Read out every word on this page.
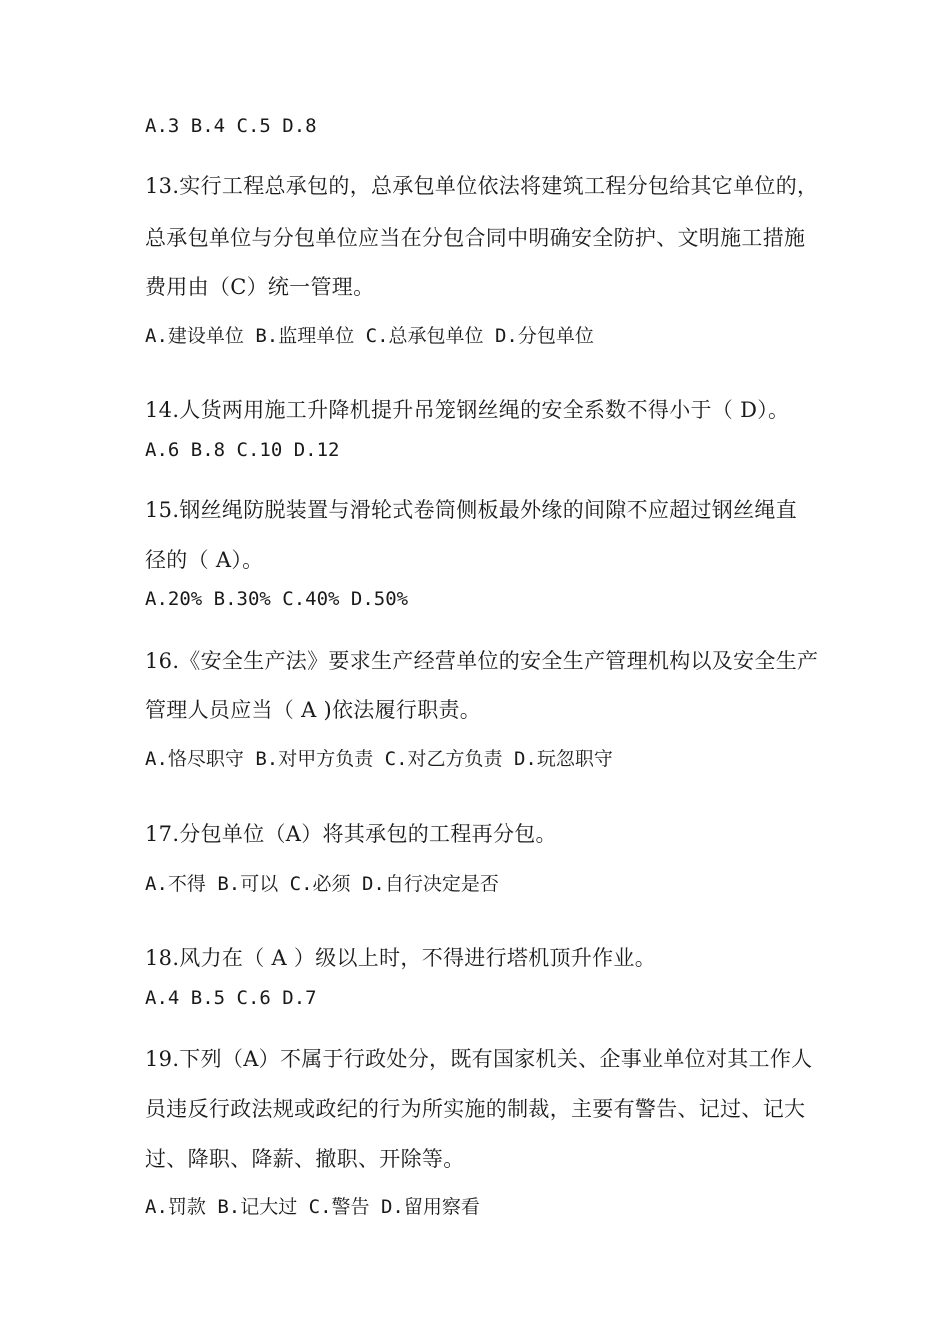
A.3 B.4 C.5 D.8
13.实行工程总承包的，总承包单位依法将建筑工程分包给其它单位的，
总承包单位与分包单位应当在分包合同中明确安全防护、文明施工措施
费用由（C）统一管理。
A.建设单位 B.监理单位 C.总承包单位 D.分包单位
14.人货两用施工升降机提升吊笼钢丝绳的安全系数不得小于（ D）。
A.6 B.8 C.10 D.12
15.钢丝绳防脱装置与滑轮式卷筒侧板最外缘的间隙不应超过钢丝绳直
径的（ A）。
A.20% B.30% C.40% D.50%
16.《安全生产法》要求生产经营单位的安全生产管理机构以及安全生产
管理人员应当（ A )依法履行职责。
A.恪尽职守 B.对甲方负责 C.对乙方负责 D.玩忽职守
17.分包单位（A）将其承包的工程再分包。
A.不得 B.可以 C.必须 D.自行决定是否
18.风力在（ A ）级以上时，不得进行塔机顶升作业。
A.4 B.5 C.6 D.7
19.下列（A）不属于行政处分，既有国家机关、企事业单位对其工作人
员违反行政法规或政纪的行为所实施的制裁，主要有警告、记过、记大
过、降职、降薪、撤职、开除等。
A.罚款 B.记大过 C.警告 D.留用察看
